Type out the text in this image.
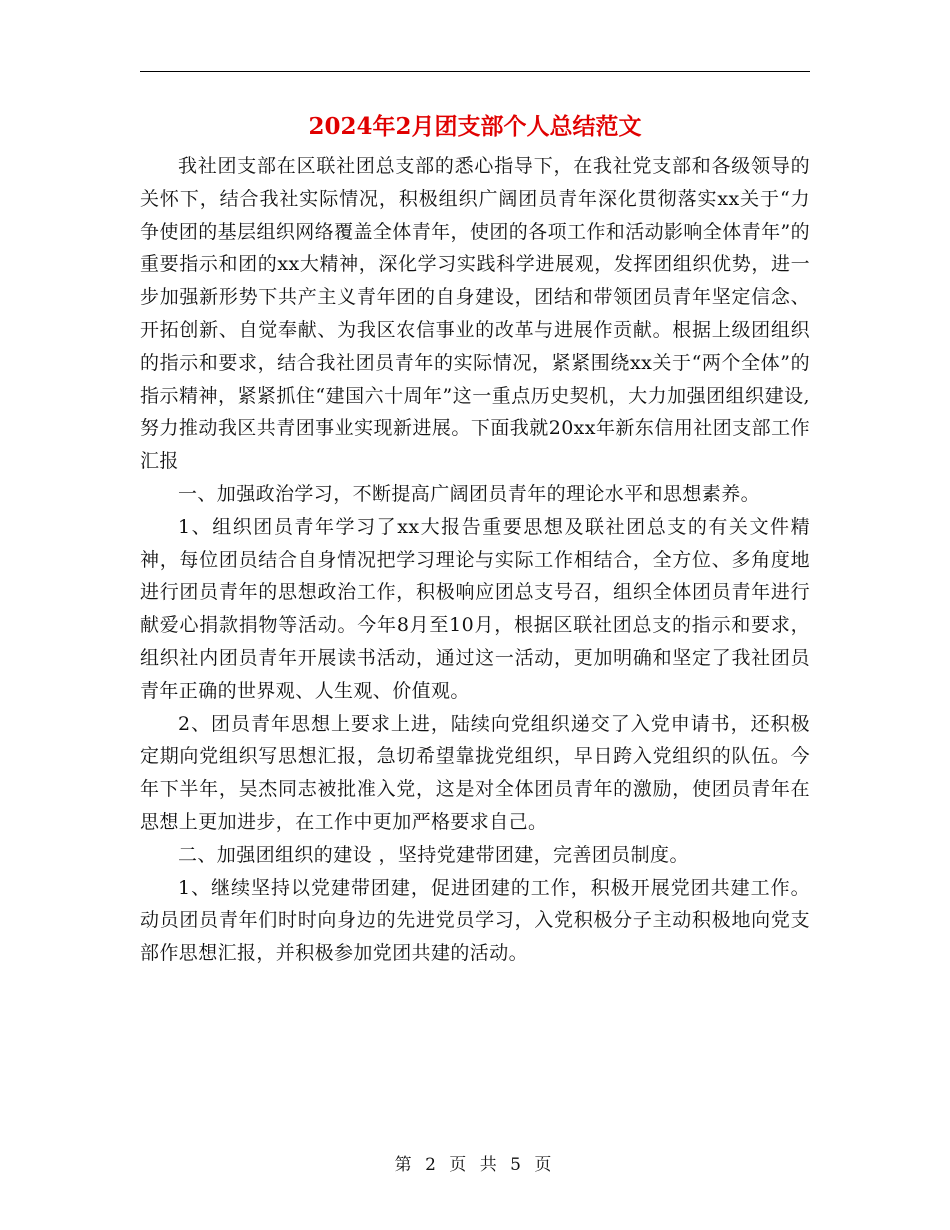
2024年2月团支部个人总结范文

我社团支部在区联社团总支部的悉心指导下，在我社党支部和各级领导的关怀下，结合我社实际情况，积极组织广阔团员青年深化贯彻落实xx关于“力争使团的基层组织网络覆盖全体青年，使团的各项工作和活动影响全体青年”的重要指示和团的xx大精神，深化学习实践科学进展观，发挥团组织优势，进一步加强新形势下共产主义青年团的自身建设，团结和带领团员青年坚定信念、开拓创新、自觉奉献、为我区农信事业的改革与进展作贡献。根据上级团组织的指示和要求，结合我社团员青年的实际情况，紧紧围绕xx关于“两个全体”的指示精神，紧紧抓住“建国六十周年”这一重点历史契机，大力加强团组织建设,努力推动我区共青团事业实现新进展。下面我就20xx年新东信用社团支部工作汇报

一、加强政治学习，不断提高广阔团员青年的理论水平和思想素养。

1、组织团员青年学习了xx大报告重要思想及联社团总支的有关文件精神，每位团员结合自身情况把学习理论与实际工作相结合，全方位、多角度地进行团员青年的思想政治工作，积极响应团总支号召，组织全体团员青年进行献爱心捐款捐物等活动。今年8月至10月，根据区联社团总支的指示和要求，组织社内团员青年开展读书活动，通过这一活动，更加明确和坚定了我社团员青年正确的世界观、人生观、价值观。

2、团员青年思想上要求上进，陆续向党组织递交了入党申请书，还积极定期向党组织写思想汇报，急切希望靠拢党组织，早日跨入党组织的队伍。今年下半年，吴杰同志被批准入党，这是对全体团员青年的激励，使团员青年在思想上更加进步，在工作中更加严格要求自己。

二、加强团组织的建设 ，坚持党建带团建，完善团员制度。

1、继续坚持以党建带团建，促进团建的工作，积极开展党团共建工作。动员团员青年们时时向身边的先进党员学习，入党积极分子主动积极地向党支部作思想汇报，并积极参加党团共建的活动。

第 2 页 共 5 页
